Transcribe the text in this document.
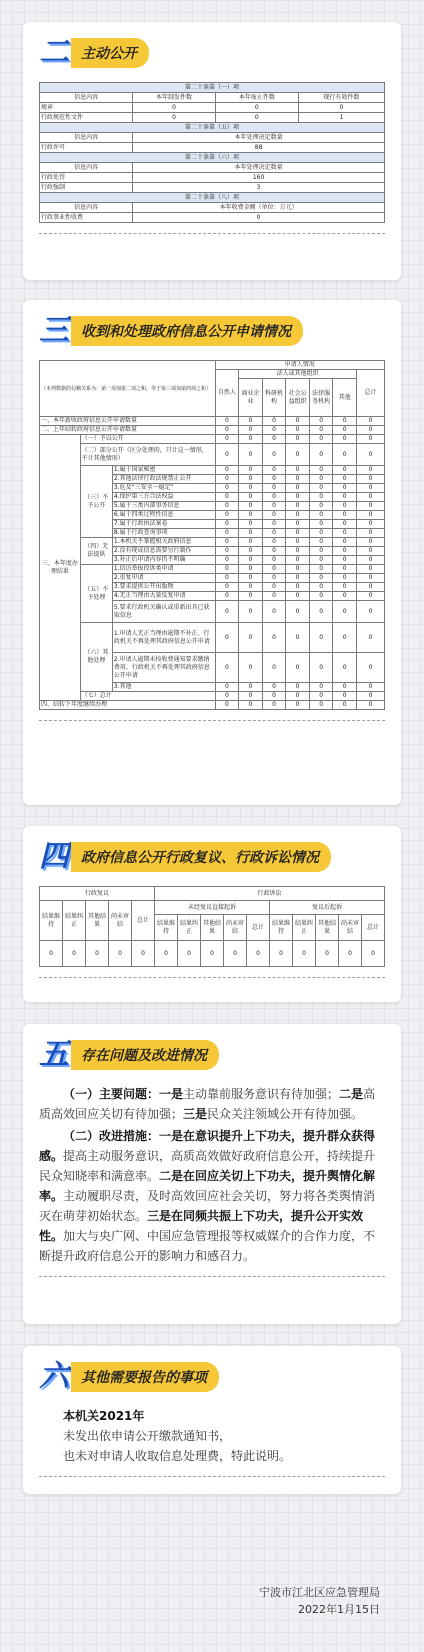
二 主动公开
第二十条第（一）项			
信息内容	本年制发件数	本年废止件数	现行有效件数
规章	0	0	0
行政规范性文件	0	0	1
第二十条第（五）项			
信息内容	本年处理决定数量		
行政许可	88		
第二十条第（六）项			
信息内容	本年处理决定数量		
行政处罚	160		
行政强制	3		
第二十条第（八）项			
信息内容	本年收费金额（单位：万元）		
行政事业性收费	0		
三 收到和处理政府信息公开申请情况
（本列数据的勾稽关系为：第一项加第二项之和，等于第三项加第四项之和）			申请人情况						
			自然人	法人或其他组织					总计
				商业企业	科研机构	社会公益组织	法律服务机构	其他	
一、本年新收政府信息公开申请数量			0	0	0	0	0	0	0
二、上年结转政府信息公开申请数量			0	0	0	0	0	0	0
三、本年度办理结果	（一）予以公开		0	0	0	0	0	0	0
	（二）部分公开（区分处理的，只计这一情形，不计其他情形）		0	0	0	0	0	0	0
	（三）不予公开	1.属于国家秘密	0	0	0	0	0	0	0
		2.其他法律行政法规禁止公开	0	0	0	0	0	0	0
		3.危及“三安全一稳定”	0	0	0	0	0	0	0
		4.保护第三方合法权益	0	0	0	0	0	0	0
		5.属于三类内部事务信息	0	0	0	0	0	0	0
		6.属于四类过程性信息	0	0	0	0	0	0	0
		7.属于行政执法案卷	0	0	0	0	0	0	0
		8.属于行政查询事项	0	0	0	0	0	0	0
	（四）无法提供	1.本机关不掌握相关政府信息	0	0	0	0	0	0	0
		2.没有现成信息需要另行制作	0	0	0	0	0	0	0
		3.补正后申请内容仍不明确	0	0	0	0	0	0	0
	（五）不予处理	1.信访举报投诉类申请	0	0	0	0	0	0	0
		2.重复申请	0	0	0	0	0	0	0
		3.要求提供公开出版物	0	0	0	0	0	0	0
		4.无正当理由大量反复申请	0	0	0	0	0	0	0
		5.要求行政机关确认或重新出具已获取信息	0	0	0	0	0	0	0
	（六）其他处理	1.申请人无正当理由逾期不补正、行政机关不再处理其政府信息公开申请	0	0	0	0	0	0	0
		2.申请人逾期未按收费通知要求缴纳费用、行政机关不再处理其政府信息公开申请	0	0	0	0	0	0	0
		3.其他	0	0	0	0	0	0	0
	（七）总计		0	0	0	0	0	0	0
四、结转下年度继续办理			0	0	0	0	0	0	0
四 政府信息公开行政复议、行政诉讼情况
行政复议					行政诉讼									
结果维持	结果纠正	其他结果	尚未审结	总计	未经复议直接起诉					复议后起诉				
					结果维持	结果纠正	其他结果	尚未审结	总计	结果维持	结果纠正	其他结果	尚未审结	总计
0	0	0	0	0	0	0	0	0	0	0	0	0	0	0
五 存在问题及改进情况

（一）主要问题：一是主动靠前服务意识有待加强；二是高质高效回应关切有待加强；三是民众关注领域公开有待加强。

（二）改进措施：一是在意识提升上下功夫，提升群众获得感。提高主动服务意识，高质高效做好政府信息公开，持续提升民众知晓率和满意率。二是在回应关切上下功夫，提升舆情化解率。主动履职尽责，及时高效回应社会关切，努力将各类舆情消灭在萌芽初始状态。三是在同频共振上下功夫，提升公开实效性。加大与央广网、中国应急管理报等权威媒介的合作力度，不断提升政府信息公开的影响力和感召力。

六 其他需要报告的事项
本机关2021年
未发出依申请公开缴款通知书，
也未对申请人收取信息处理费，特此说明。
宁波市江北区应急管理局
2022年1月15日
